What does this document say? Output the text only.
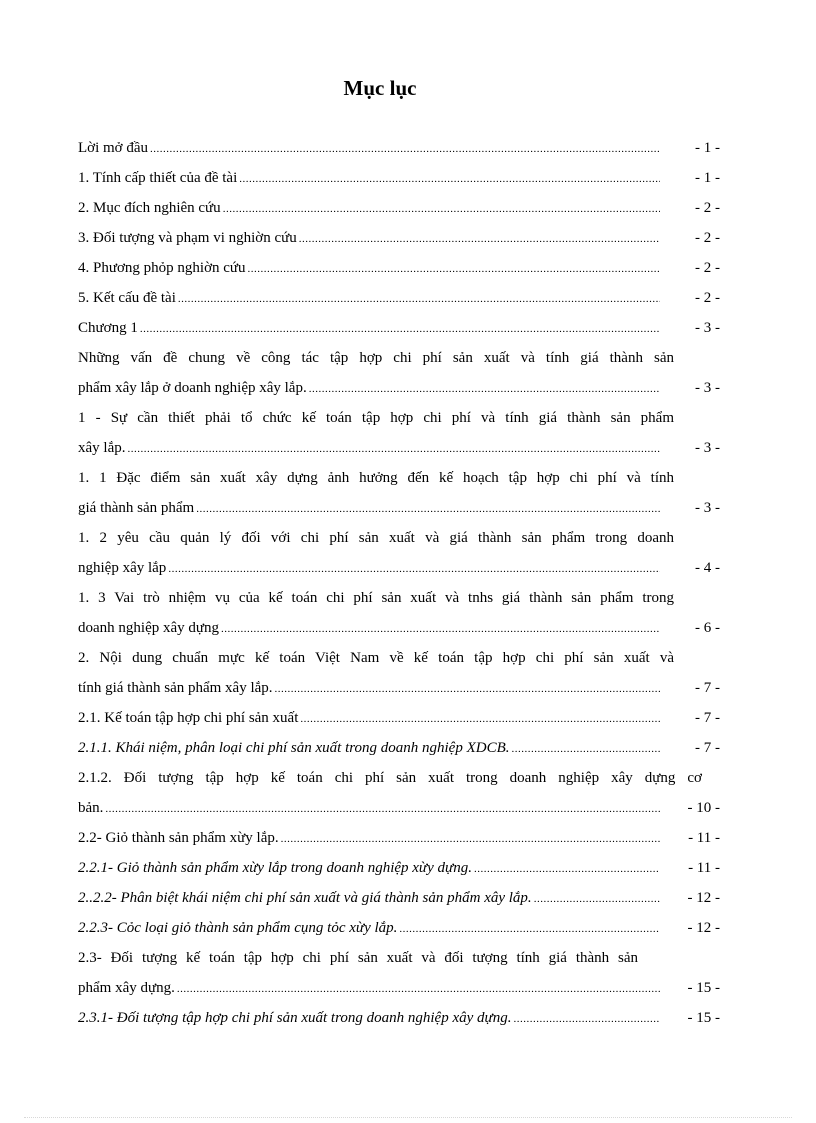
Mục lục
Lời mở đầu .....	- 1 -
1. Tính cấp thiết của đề tài .....	- 1 -
2. Mục đích nghiên cứu .....	- 2 -
3. Đối tượng và phạm vi nghiờn cứu .....	- 2 -
4. Phương phỏp nghiờn cứu .....	- 2 -
5. Kết cấu đề tài .....	- 2 -
Chương 1 .....	- 3 -
Những vấn đề chung về công tác tập hợp chi phí sản xuất và tính giá thành sản
phẩm xây lắp ở doanh nghiệp xây lắp. .....	- 3 -
1 - Sự cần thiết phải tổ chức kế toán tập hợp chi phí và tính giá thành sản phẩm
xây lắp. .....	- 3 -
1. 1 Đặc điểm sản xuất xây dựng ảnh hưởng đến kế hoạch tập hợp chi phí và tính
giá thành sản phẩm .....	- 3 -
1. 2 yêu cầu quản lý đối với chi phí sản xuất và giá thành sản phẩm trong doanh
nghiệp xây lắp .....	- 4 -
1. 3 Vai trò nhiệm vụ của kế toán chi phí sản xuất và tnhs giá thành sản phẩm trong
doanh nghiệp xây dựng .....	- 6 -
2. Nội dung chuẩn mực kế toán Việt Nam về kế toán tập hợp chi phí sản xuất và
tính giá thành sản phẩm xây lắp. .....	- 7 -
2.1. Kế toán tập hợp chi phí sản xuất .....	- 7 -
2.1.1. Khái niệm, phân loại chi phí sản xuất trong doanh nghiệp XDCB. .....	- 7 -
2.1.2. Đối tượng tập hợp kế toán chi phí sản xuất trong doanh nghiệp xây dựng cơ
bản. .....	- 10 -
2.2- Giỏ thành sản phẩm xừy lắp. .....	- 11 -
2.2.1- Giỏ thành sản phẩm xừy lắp trong doanh nghiệp xừy dựng. .....	- 11 -
2..2.2- Phân biệt khái niệm chi phí sản xuất và giá thành sản phẩm xây lắp. .....	- 12 -
2.2.3- Cỏc loại giỏ thành sản phẩm cụng tỏc xừy lắp. .....	- 12 -
2.3- Đối tượng kế toán tập hợp chi phí sản xuất và đối tượng tính giá thành sản
phẩm xây dựng. .....	- 15 -
2.3.1- Đối tượng tập hợp chi phí sản xuất trong doanh nghiệp xây dựng. .....	- 15 -
